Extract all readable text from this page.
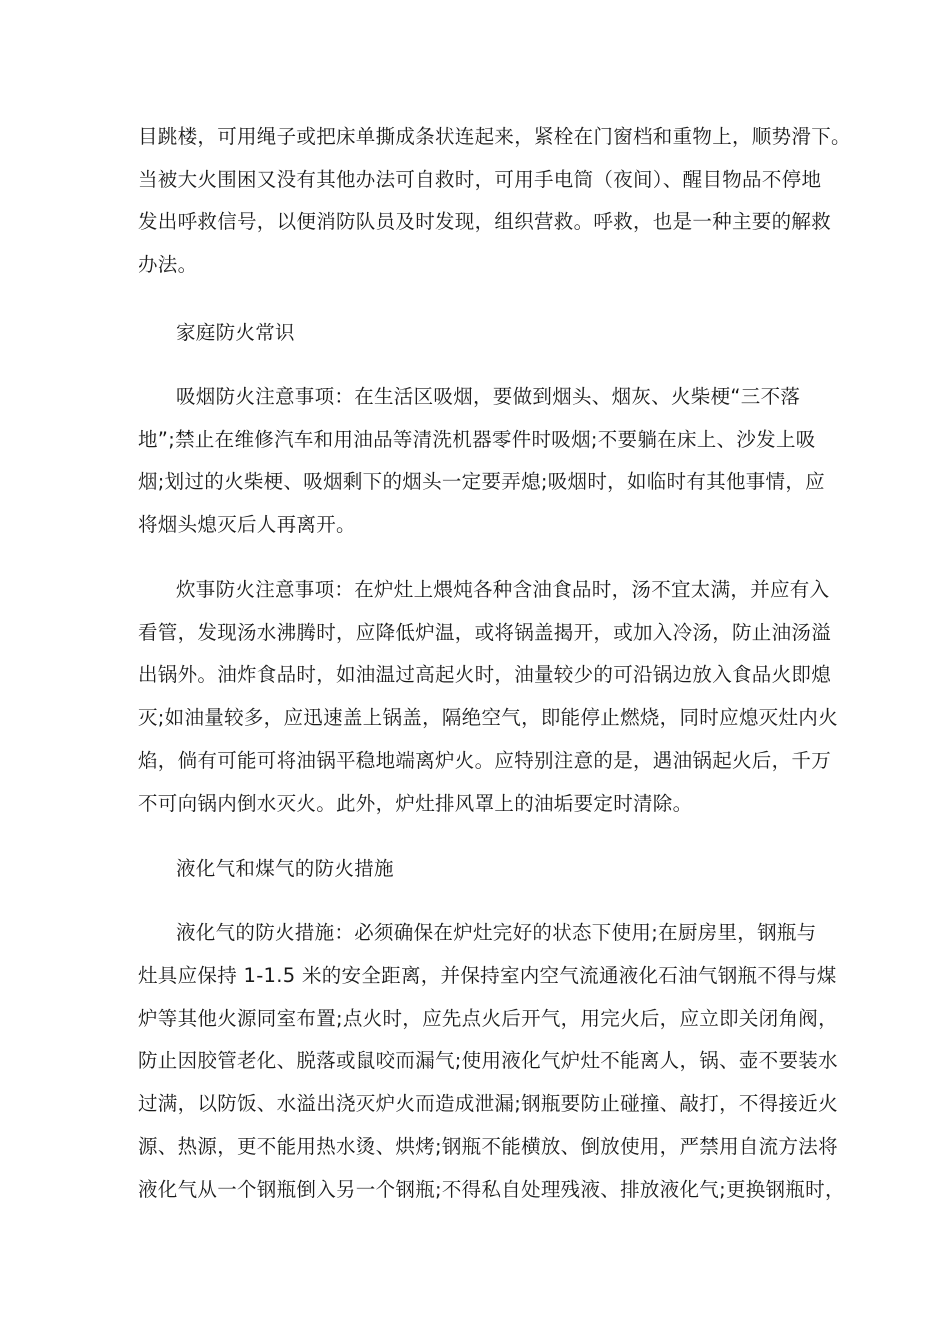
目跳楼，可用绳子或把床单撕成条状连起来，紧栓在门窗档和重物上，顺势滑下。
当被大火围困又没有其他办法可自救时，可用手电筒（夜间）、醒目物品不停地
发出呼救信号，以便消防队员及时发现，组织营救。呼救，也是一种主要的解救
办法。
家庭防火常识
吸烟防火注意事项：在生活区吸烟，要做到烟头、烟灰、火柴梗“三不落
地”;禁止在维修汽车和用油品等清洗机器零件时吸烟;不要躺在床上、沙发上吸
烟;划过的火柴梗、吸烟剩下的烟头一定要弄熄;吸烟时，如临时有其他事情，应
将烟头熄灭后人再离开。
炊事防火注意事项：在炉灶上煨炖各种含油食品时，汤不宜太满，并应有入
看管，发现汤水沸腾时，应降低炉温，或将锅盖揭开，或加入冷汤，防止油汤溢
出锅外。油炸食品时，如油温过高起火时，油量较少的可沿锅边放入食品火即熄
灭;如油量较多，应迅速盖上锅盖，隔绝空气，即能停止燃烧，同时应熄灭灶内火
焰，倘有可能可将油锅平稳地端离炉火。应特别注意的是，遇油锅起火后，千万
不可向锅内倒水灭火。此外，炉灶排风罩上的油垢要定时清除。
液化气和煤气的防火措施
液化气的防火措施：必须确保在炉灶完好的状态下使用;在厨房里，钢瓶与
灶具应保持 1-1.5 米的安全距离，并保持室内空气流通液化石油气钢瓶不得与煤
炉等其他火源同室布置;点火时，应先点火后开气，用完火后，应立即关闭角阀，
防止因胶管老化、脱落或鼠咬而漏气;使用液化气炉灶不能离人，锅、壶不要装水
过满，以防饭、水溢出浇灭炉火而造成泄漏;钢瓶要防止碰撞、敲打，不得接近火
源、热源，更不能用热水烫、烘烤;钢瓶不能横放、倒放使用，严禁用自流方法将
液化气从一个钢瓶倒入另一个钢瓶;不得私自处理残液、排放液化气;更换钢瓶时，
